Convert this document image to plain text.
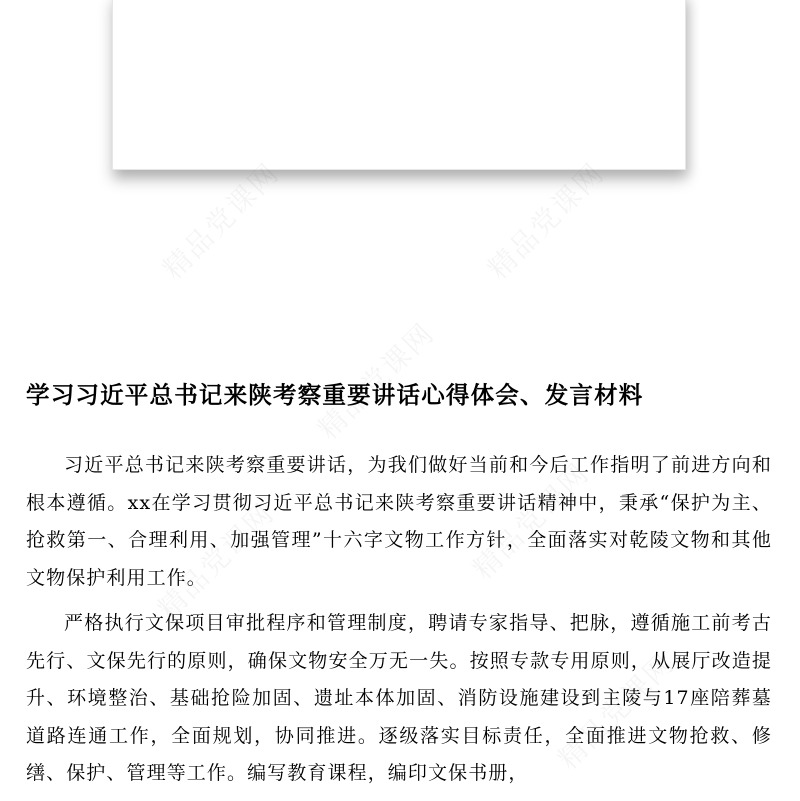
学习习近平总书记来陕考察重要讲话心得体会、发言材料

习近平总书记来陕考察重要讲话，为我们做好当前和今后工作指明了前进方向和根本遵循。xx在学习贯彻习近平总书记来陕考察重要讲话精神中，秉承“保护为主、抢救第一、合理利用、加强管理”十六字文物工作方针，全面落实对乾陵文物和其他文物保护利用工作。

严格执行文保项目审批程序和管理制度，聘请专家指导、把脉，遵循施工前考古先行、文保先行的原则，确保文物安全万无一失。按照专款专用原则，从展厅改造提升、环境整治、基础抢险加固、遗址本体加固、消防设施建设到主陵与17座陪葬墓道路连通工作，全面规划，协同推进。逐级落实目标责任，全面推进文物抢救、修缮、保护、管理等工作。编写教育课程，编印文保书册，
